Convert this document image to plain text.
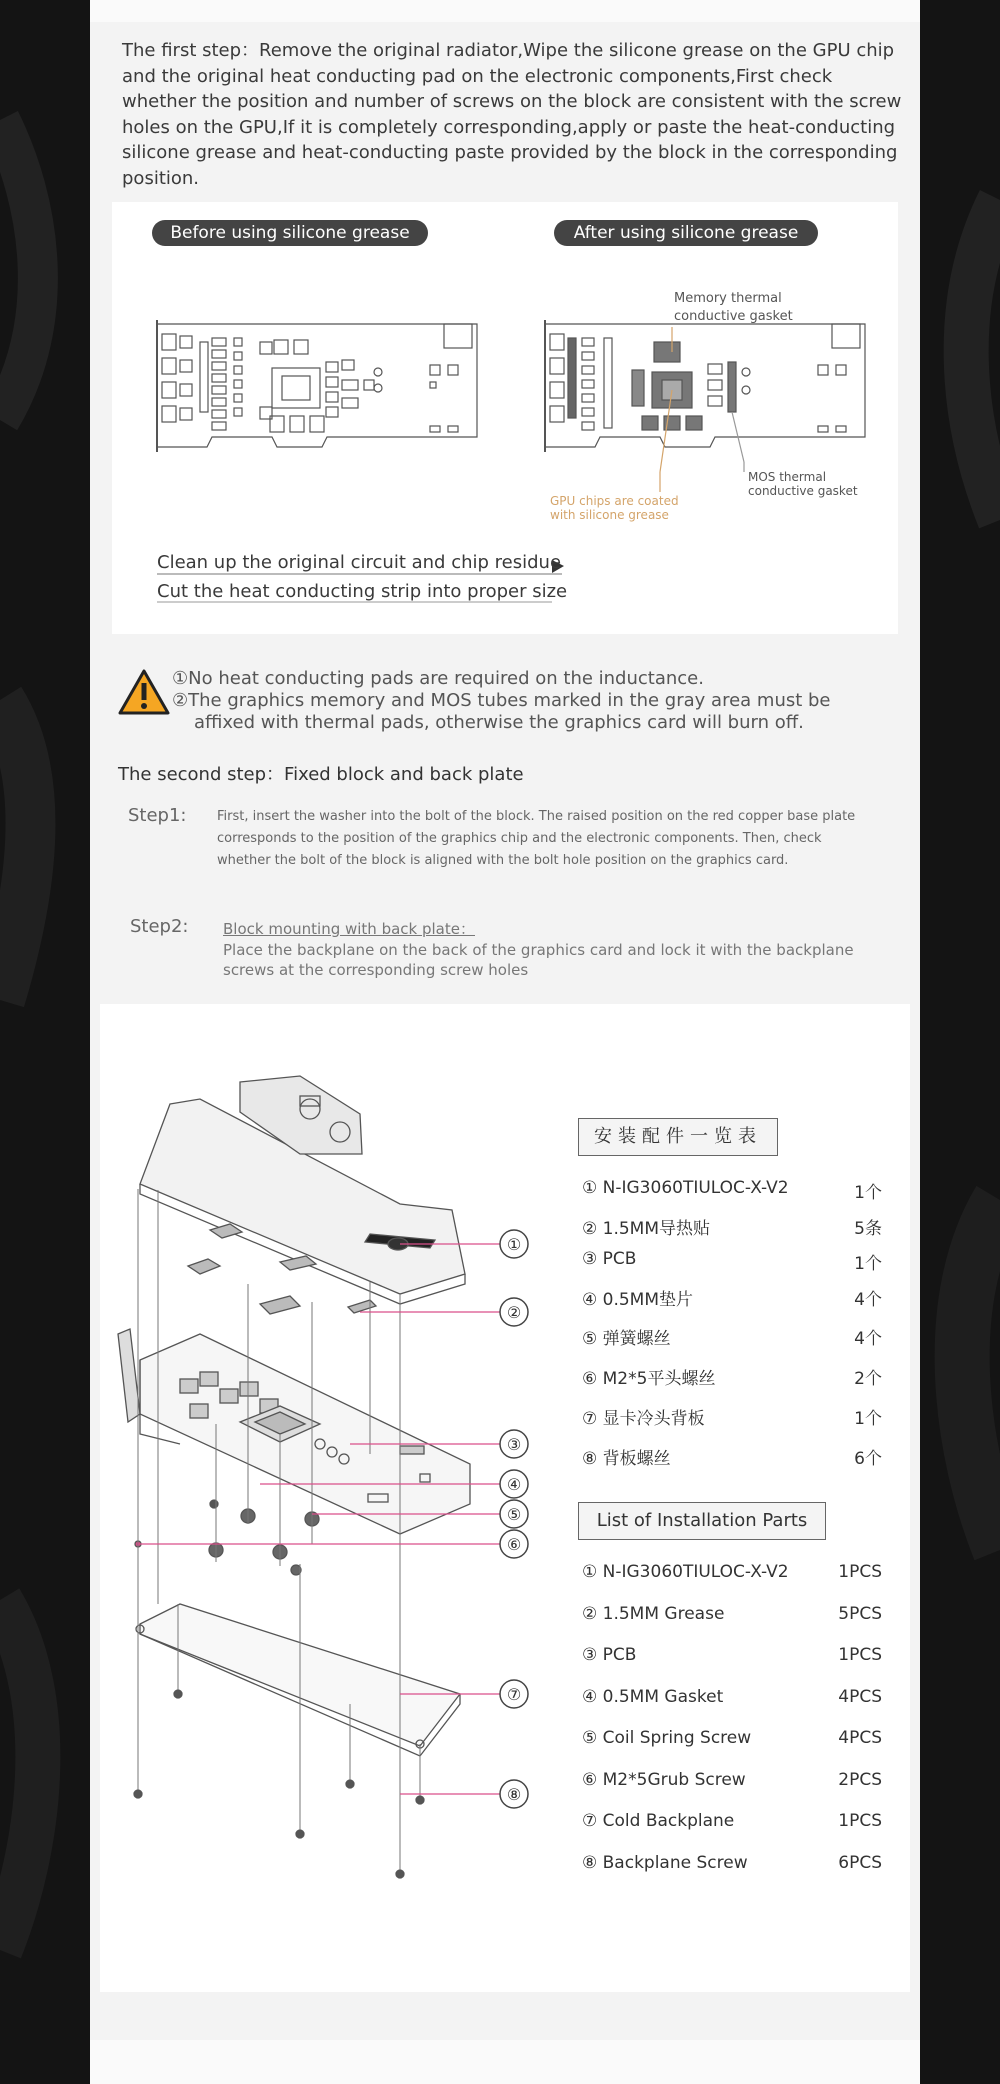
The first step：Remove the original radiator,Wipe the silicone grease on the GPU chip and the original heat conducting pad on the electronic components,First check whether the position and number of screws on the block are consistent with the screw holes on the GPU,If it is completely corresponding,apply or paste the heat-conducting silicone grease and heat-conducting paste provided by the block in the corresponding position.
Before using silicone grease	After using silicone grease
Memory thermal
conductive gasket
MOS thermal
conductive gasket
GPU chips are coated
with silicone grease
Clean up the original circuit and chip residue
Cut the heat conducting strip into proper size
①No heat conducting pads are required on the inductance.
②The graphics memory and MOS tubes marked in the gray area must be
affixed with thermal pads, otherwise the graphics card will burn off.
The second step：Fixed block and back plate
Step1: First, insert the washer into the bolt of the block. The raised position on the red copper base plate corresponds to the position of the graphics chip and the electronic components. Then, check whether the bolt of the block is aligned with the bolt hole position on the graphics card.
Step2: Block mounting with back plate：
Place the backplane on the back of the graphics card and lock it with the backplane screws at the corresponding screw holes
①
②
③
④
⑤
⑥
⑦
⑧
安装配件一览表
① N-IG3060TIULOC-X-V2	1个
② 1.5MM导热贴	5条
③ PCB	1个
④ 0.5MM垫片	4个
⑤ 弹簧螺丝	4个
⑥ M2*5平头螺丝	2个
⑦ 显卡冷头背板	1个
⑧ 背板螺丝	6个
List of Installation Parts
① N-IG3060TIULOC-X-V2	1PCS
② 1.5MM Grease	5PCS
③ PCB	1PCS
④ 0.5MM Gasket	4PCS
⑤ Coil Spring Screw	4PCS
⑥ M2*5Grub Screw	2PCS
⑦ Cold Backplane	1PCS
⑧ Backplane Screw	6PCS
